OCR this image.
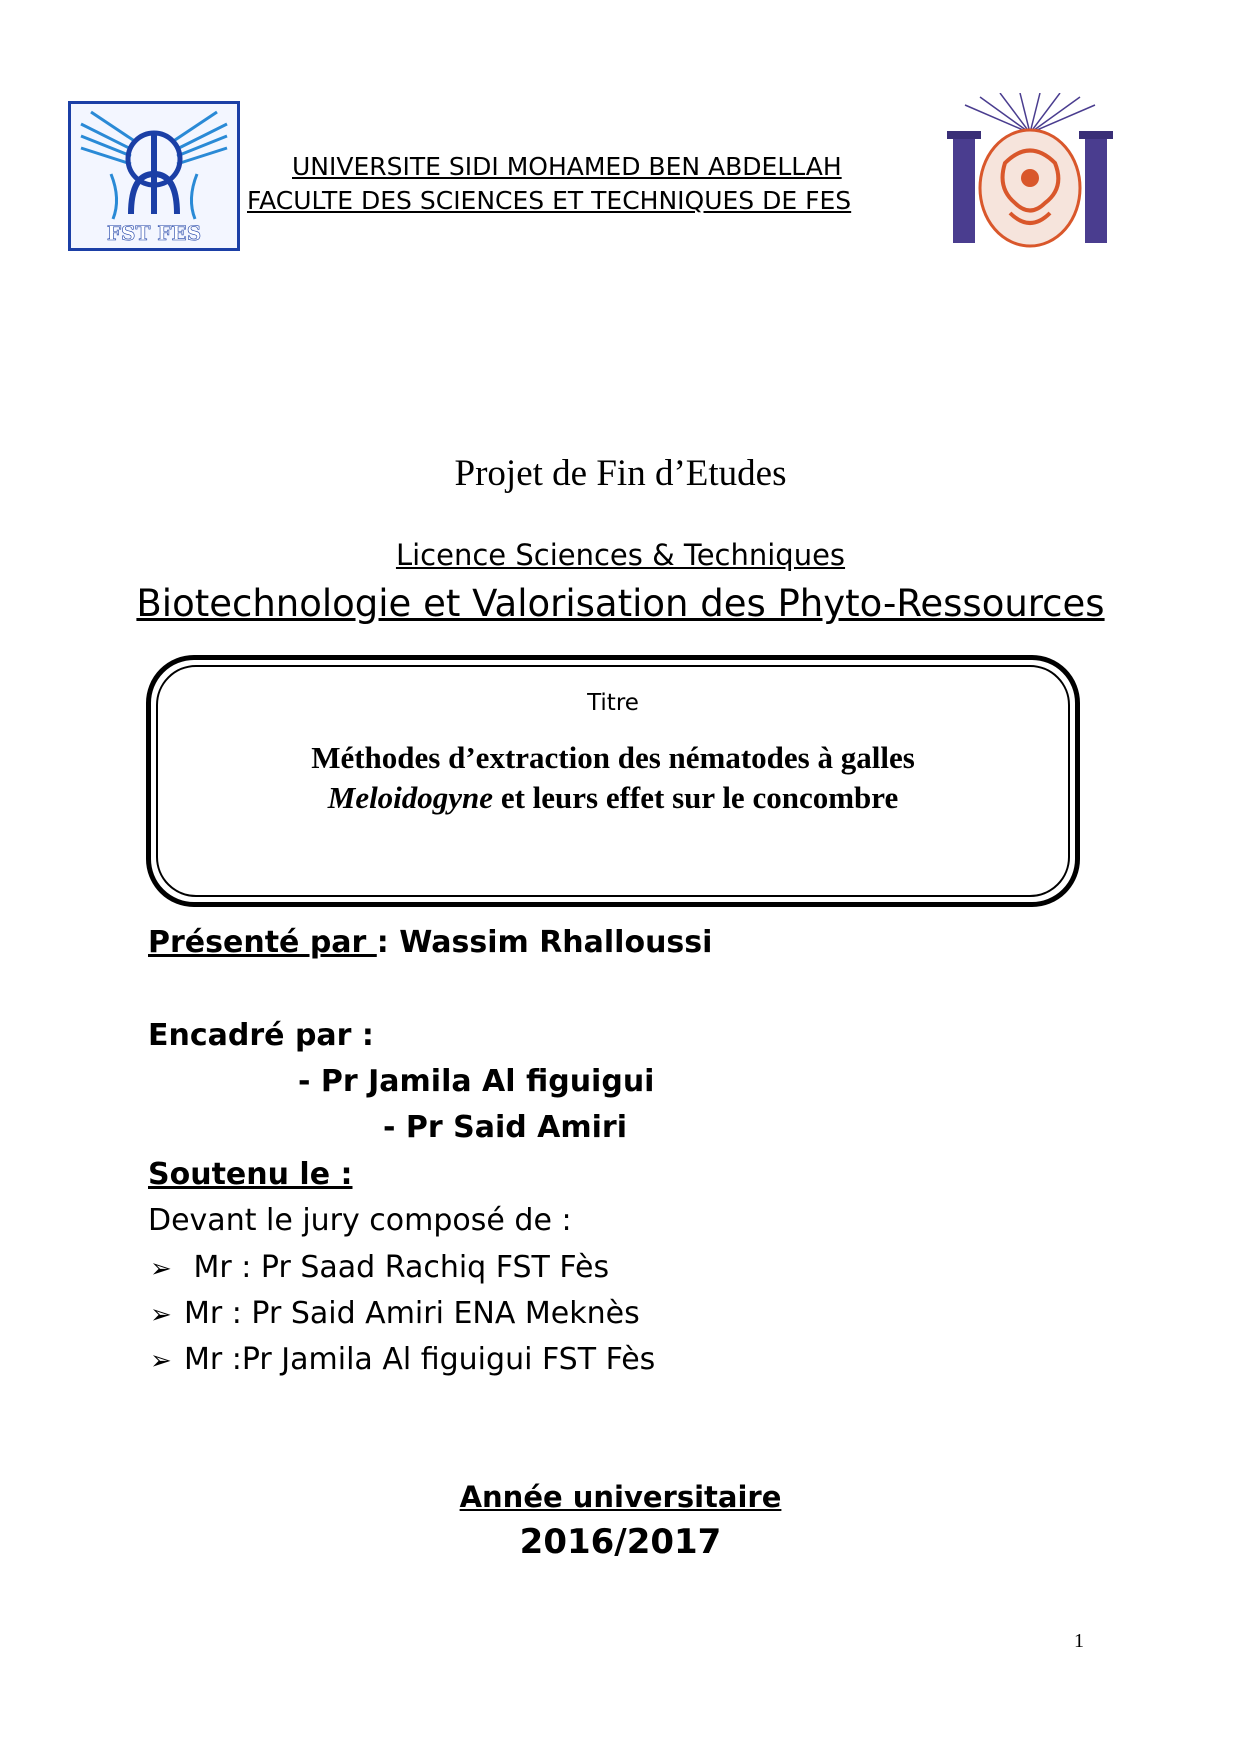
FST FES
UNIVERSITE SIDI MOHAMED BEN ABDELLAH
FACULTE DES SCIENCES ET TECHNIQUES DE FES
Projet de Fin d’Etudes
Licence Sciences & Techniques
Biotechnologie et Valorisation des Phyto-Ressources
Titre
Méthodes d’extraction des nématodes à galles
Meloidogyne et leurs effet sur le concombre
Présenté par : Wassim Rhalloussi
Encadré par :
- Pr Jamila Al figuigui
- Pr Said Amiri
Soutenu le :
Devant le jury composé de :
➢ Mr : Pr Saad Rachiq FST Fès
➢ Mr : Pr Said Amiri ENA Meknès
➢ Mr :Pr Jamila Al figuigui FST Fès
Année universitaire
2016/2017
1
